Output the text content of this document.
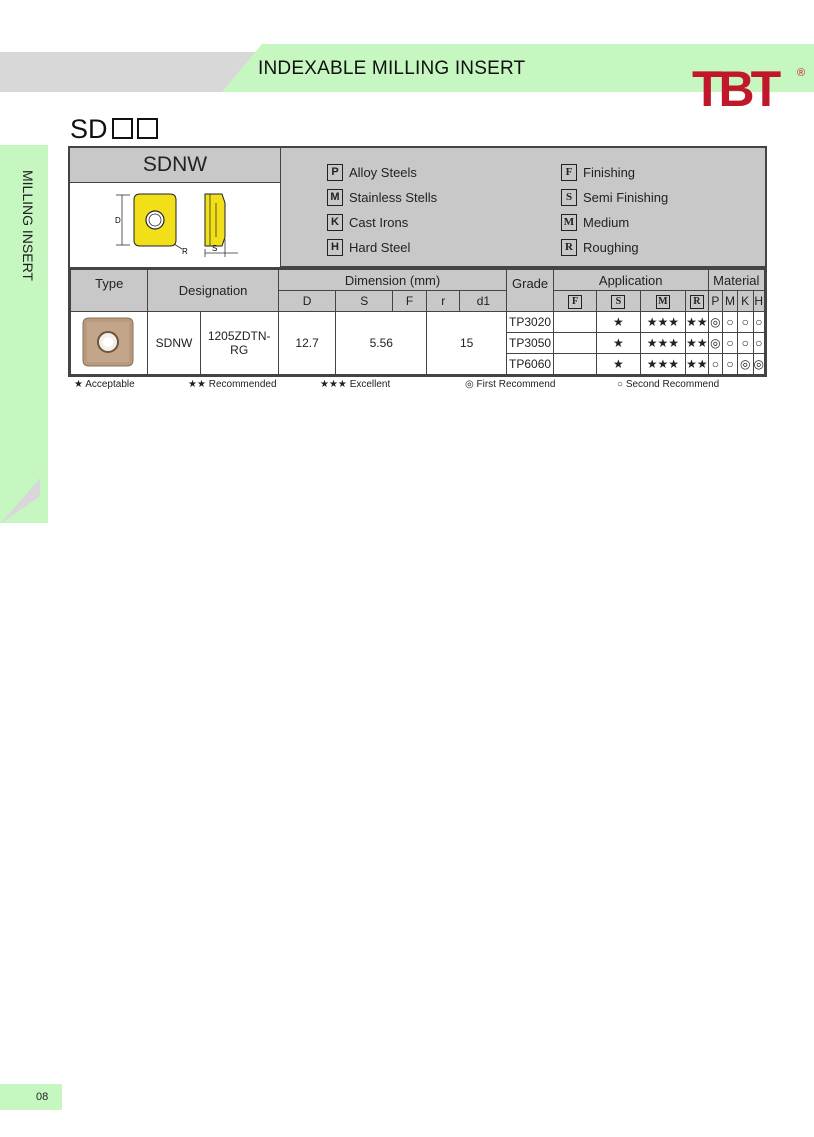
INDEXABLE MILLING INSERT	TBT	®
MILLING INSERT
SD
SDNW
D
R	S
P Alloy Steels
M Stainless Stells
K Cast Irons
H Hard Steel
F Finishing
S Semi Finishing
M Medium
R Roughing
Type	Designation		Dimension (mm)					Grade	Application				Material			
			D	S	F	r	d1		F	S	M	R	P	M	K	H
	SDNW	1205ZDTN-RG	12.7	5.56		15		TP3020		★	★★★	★★	◎	○	○	○
								TP3050		★	★★★	★★	◎	○	○	○
								TP6060		★	★★★	★★	○	○	◎	◎
★ Acceptable	★★ Recommended	★★★ Excellent	◎ First Recommend	○ Second Recommend
08
